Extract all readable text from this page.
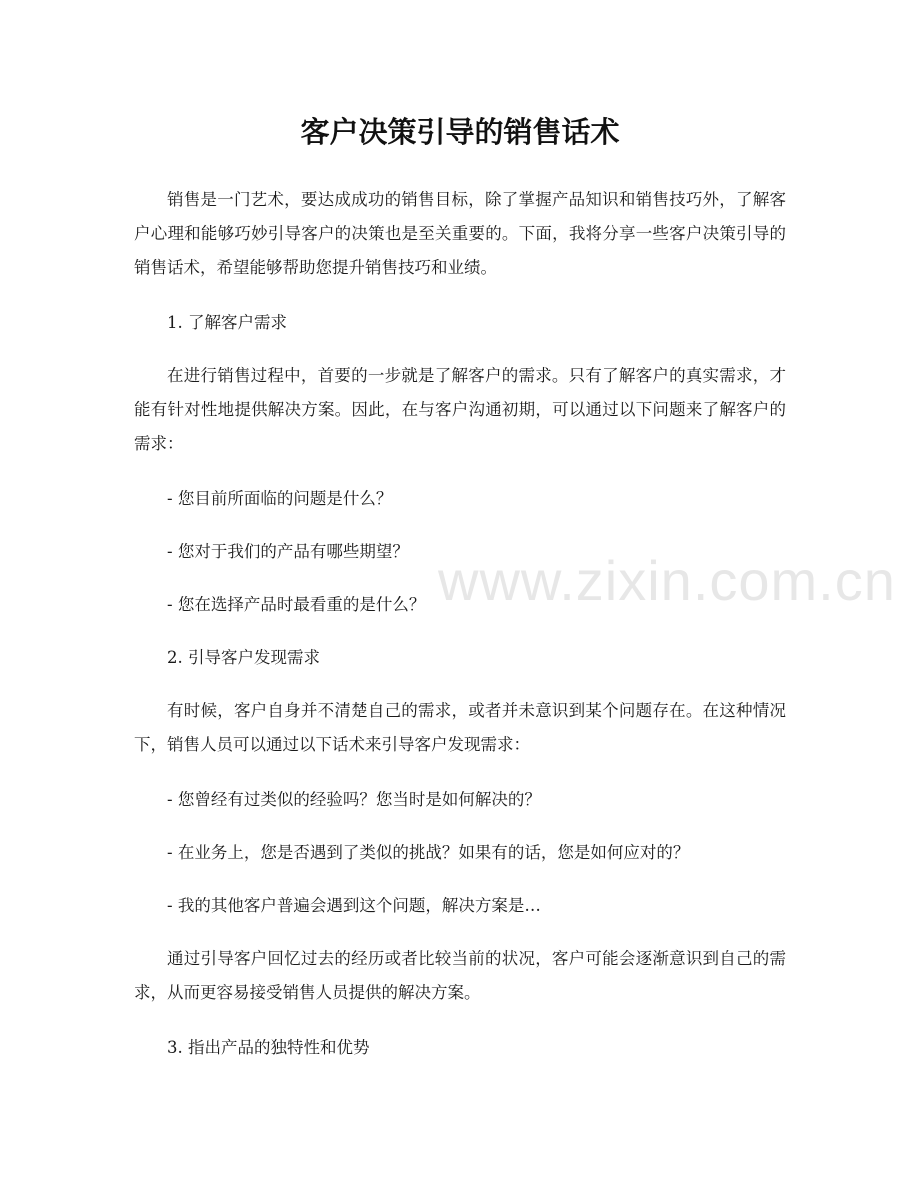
客户决策引导的销售话术

销售是一门艺术，要达成成功的销售目标，除了掌握产品知识和销售技巧外，了解客户心理和能够巧妙引导客户的决策也是至关重要的。下面，我将分享一些客户决策引导的销售话术，希望能够帮助您提升销售技巧和业绩。

1. 了解客户需求

在进行销售过程中，首要的一步就是了解客户的需求。只有了解客户的真实需求，才能有针对性地提供解决方案。因此，在与客户沟通初期，可以通过以下问题来了解客户的需求：

- 您目前所面临的问题是什么？

- 您对于我们的产品有哪些期望？

- 您在选择产品时最看重的是什么？

2. 引导客户发现需求

有时候，客户自身并不清楚自己的需求，或者并未意识到某个问题存在。在这种情况下，销售人员可以通过以下话术来引导客户发现需求：

- 您曾经有过类似的经验吗？您当时是如何解决的？

- 在业务上，您是否遇到了类似的挑战？如果有的话，您是如何应对的？

- 我的其他客户普遍会遇到这个问题，解决方案是…

通过引导客户回忆过去的经历或者比较当前的状况，客户可能会逐渐意识到自己的需求，从而更容易接受销售人员提供的解决方案。

3. 指出产品的独特性和优势

www.zixin.com.cn
